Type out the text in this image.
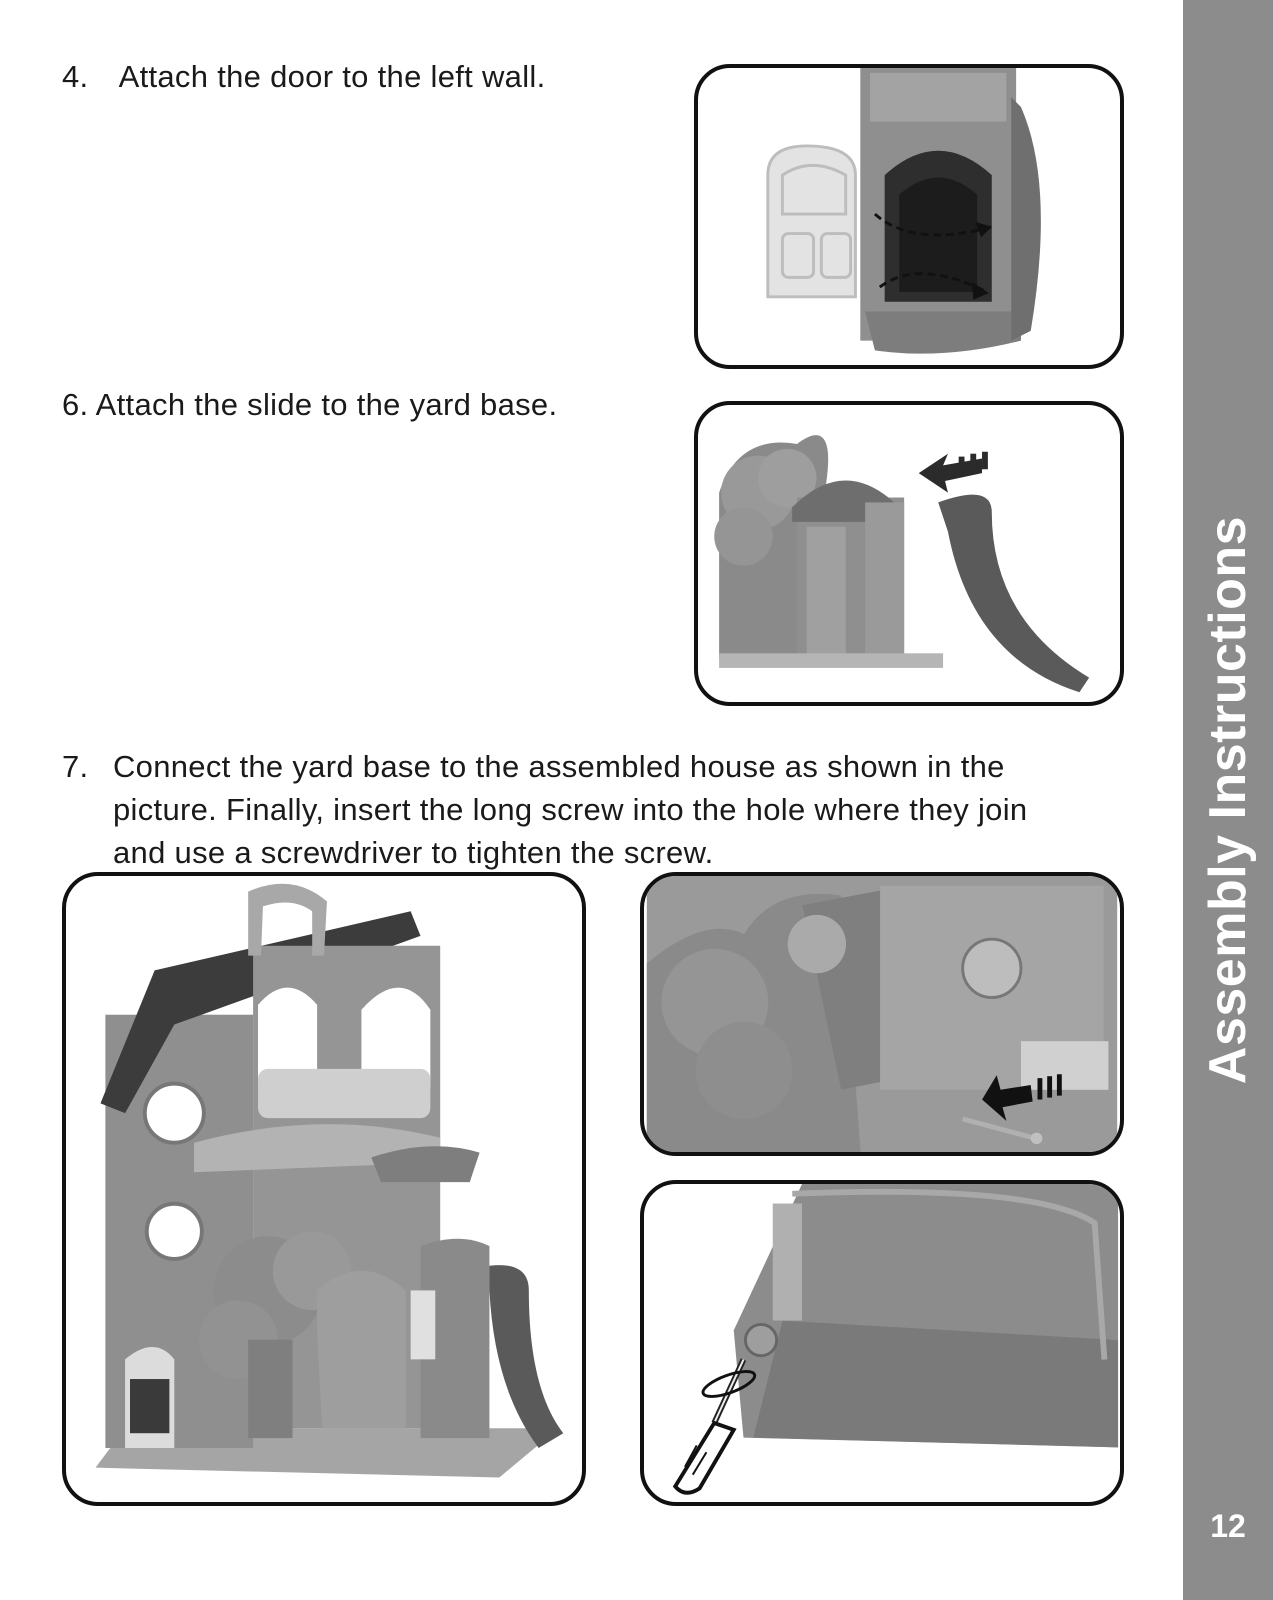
4. Attach the door to the left wall.
6. Attach the slide to the yard base.
7. Connect the yard base to the assembled house as shown in the
picture. Finally, insert the long screw into the hole where they join
and use a screwdriver to tighten the screw.	Assembly Instructions
12
